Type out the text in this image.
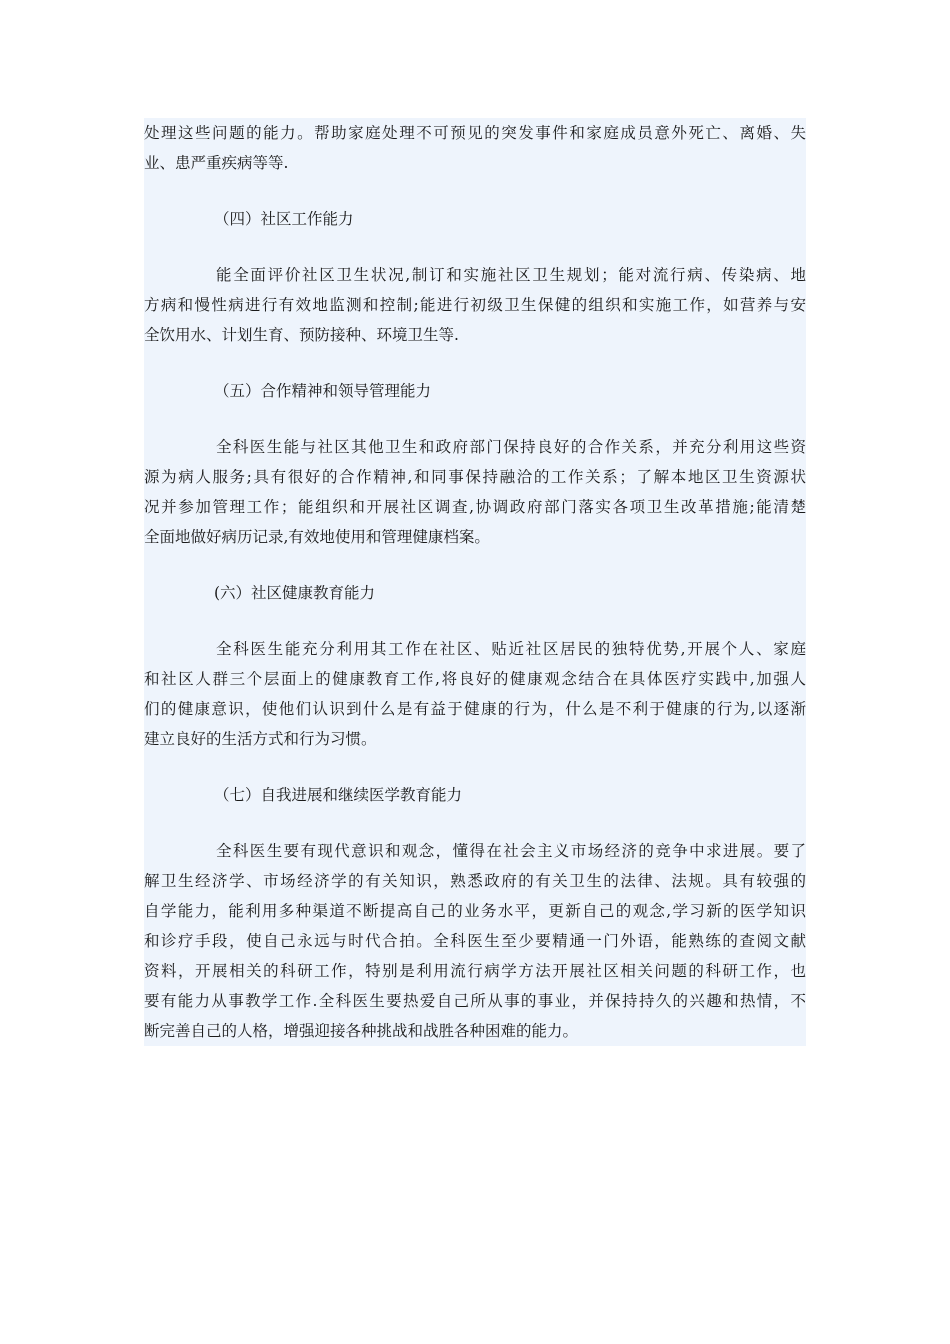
处理这些问题的能力。帮助家庭处理不可预见的突发事件和家庭成员意外死亡、离婚、失
业、患严重疾病等等.
（四）社区工作能力
能全面评价社区卫生状况,制订和实施社区卫生规划；能对流行病、传染病、地
方病和慢性病进行有效地监测和控制;能进行初级卫生保健的组织和实施工作，如营养与安
全饮用水、计划生育、预防接种、环境卫生等.
（五）合作精神和领导管理能力
全科医生能与社区其他卫生和政府部门保持良好的合作关系，并充分利用这些资
源为病人服务;具有很好的合作精神,和同事保持融洽的工作关系；了解本地区卫生资源状
况并参加管理工作；能组织和开展社区调查,协调政府部门落实各项卫生改革措施;能清楚
全面地做好病历记录,有效地使用和管理健康档案。
(六）社区健康教育能力
全科医生能充分利用其工作在社区、贴近社区居民的独特优势,开展个人、家庭
和社区人群三个层面上的健康教育工作,将良好的健康观念结合在具体医疗实践中,加强人
们的健康意识，使他们认识到什么是有益于健康的行为，什么是不利于健康的行为,以逐渐
建立良好的生活方式和行为习惯。
（七）自我进展和继续医学教育能力
全科医生要有现代意识和观念，懂得在社会主义市场经济的竞争中求进展。要了
解卫生经济学、市场经济学的有关知识，熟悉政府的有关卫生的法律、法规。具有较强的
自学能力，能利用多种渠道不断提高自己的业务水平，更新自己的观念,学习新的医学知识
和诊疗手段，使自己永远与时代合拍。全科医生至少要精通一门外语，能熟练的查阅文献
资料，开展相关的科研工作，特别是利用流行病学方法开展社区相关问题的科研工作，也
要有能力从事教学工作.全科医生要热爱自己所从事的事业，并保持持久的兴趣和热情，不
断完善自己的人格，增强迎接各种挑战和战胜各种困难的能力。
